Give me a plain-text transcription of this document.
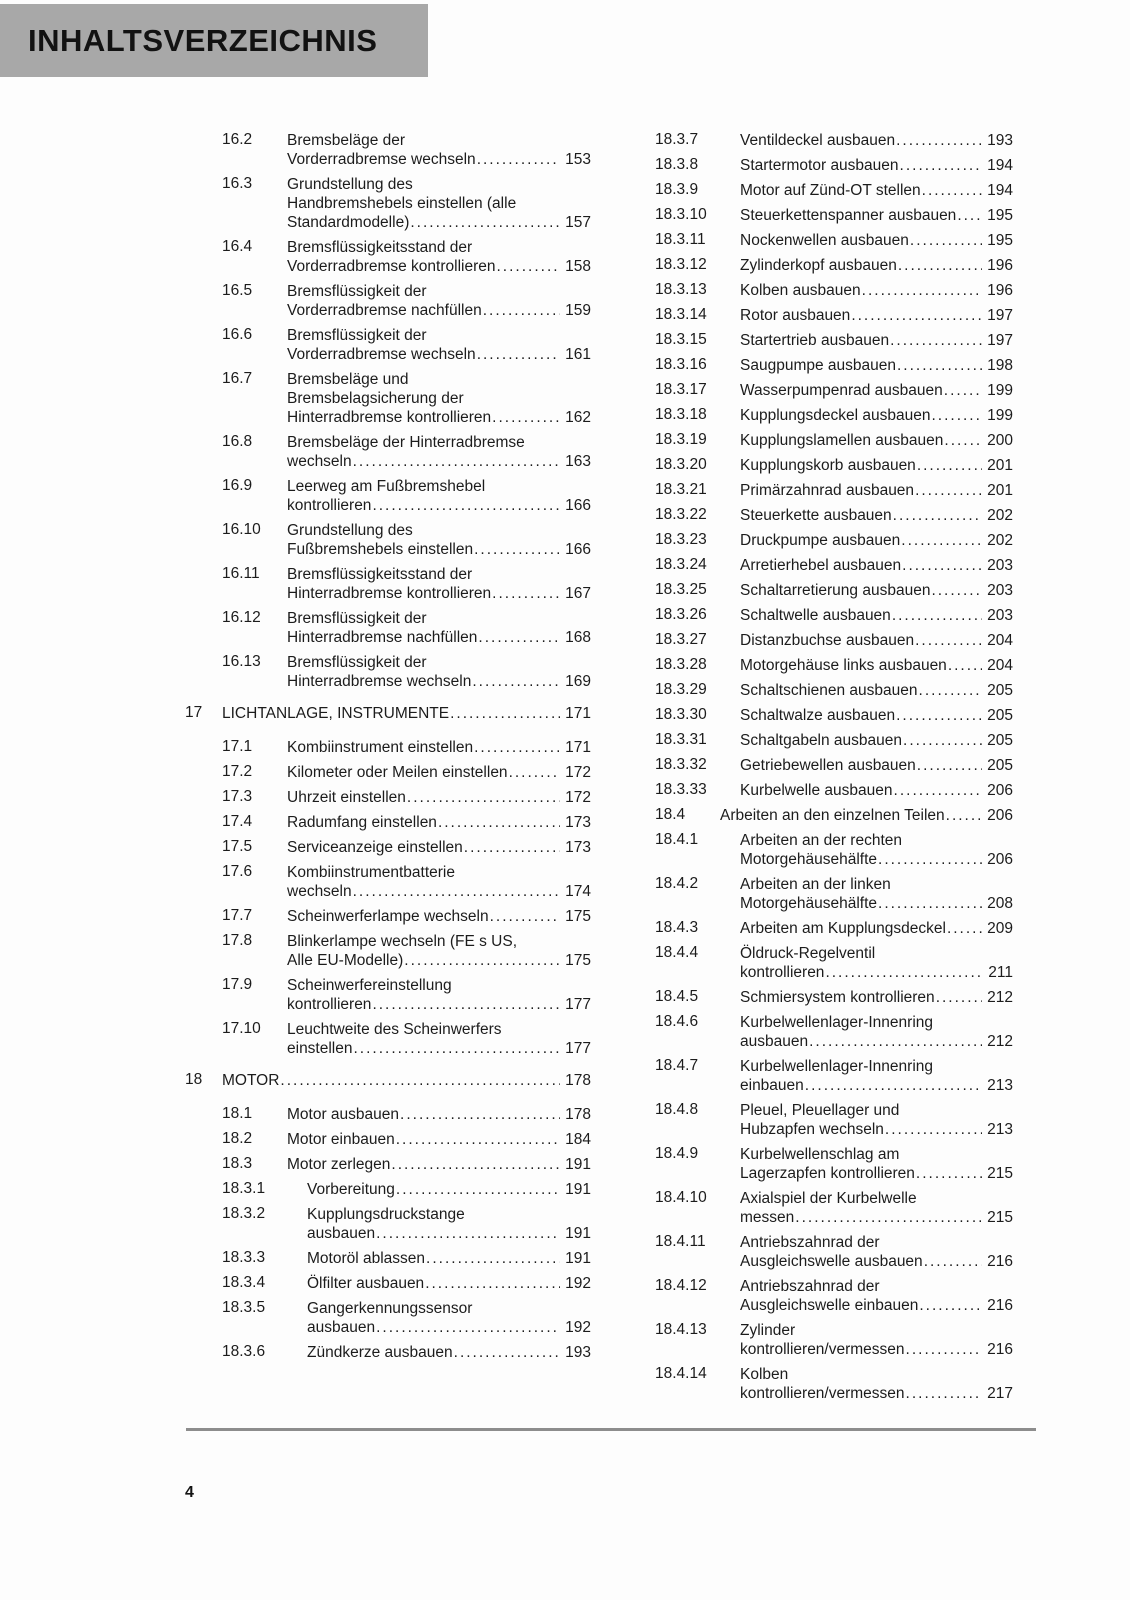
INHALTSVERZEICHNIS
16.2	Bremsbeläge der
Vorderradbremse wechseln .....	153
16.3	Grundstellung des
Handbremshebels einstellen (alle
Standardmodelle) .....	157
16.4	Bremsflüssigkeitsstand der
Vorderradbremse kontrollieren .....	158
16.5	Bremsflüssigkeit der
Vorderradbremse nachfüllen .....	159
16.6	Bremsflüssigkeit der
Vorderradbremse wechseln .....	161
16.7	Bremsbeläge und
Bremsbelagsicherung der
Hinterradbremse kontrollieren .....	162
16.8	Bremsbeläge der Hinterradbremse
wechseln .....	163
16.9	Leerweg am Fußbremshebel
kontrollieren .....	166
16.10	Grundstellung des
Fußbremshebels einstellen .....	166
16.11	Bremsflüssigkeitsstand der
Hinterradbremse kontrollieren .....	167
16.12	Bremsflüssigkeit der
Hinterradbremse nachfüllen .....	168
16.13	Bremsflüssigkeit der
Hinterradbremse wechseln .....	169
17	LICHTANLAGE, INSTRUMENTE .....	171
17.1	Kombiinstrument einstellen .....	171
17.2	Kilometer oder Meilen einstellen .....	172
17.3	Uhrzeit einstellen .....	172
17.4	Radumfang einstellen .....	173
17.5	Serviceanzeige einstellen .....	173
17.6	Kombiinstrumentbatterie
wechseln .....	174
17.7	Scheinwerferlampe wechseln .....	175
17.8	Blinkerlampe wechseln (FE s US,
Alle EU-Modelle) .....	175
17.9	Scheinwerfereinstellung
kontrollieren .....	177
17.10	Leuchtweite des Scheinwerfers
einstellen .....	177
18	MOTOR .....	178
18.1	Motor ausbauen .....	178
18.2	Motor einbauen .....	184
18.3	Motor zerlegen .....	191
18.3.1	Vorbereitung .....	191
18.3.2	Kupplungsdruckstange
ausbauen .....	191
18.3.3	Motoröl ablassen .....	191
18.3.4	Ölfilter ausbauen .....	192
18.3.5	Gangerkennungssensor
ausbauen .....	192
18.3.6	Zündkerze ausbauen .....	193
18.3.7	Ventildeckel ausbauen .....	193
18.3.8	Startermotor ausbauen .....	194
18.3.9	Motor auf Zünd-OT stellen .....	194
18.3.10	Steuerkettenspanner ausbauen .....	195
18.3.11	Nockenwellen ausbauen .....	195
18.3.12	Zylinderkopf ausbauen .....	196
18.3.13	Kolben ausbauen .....	196
18.3.14	Rotor ausbauen .....	197
18.3.15	Startertrieb ausbauen .....	197
18.3.16	Saugpumpe ausbauen .....	198
18.3.17	Wasserpumpenrad ausbauen .....	199
18.3.18	Kupplungsdeckel ausbauen .....	199
18.3.19	Kupplungslamellen ausbauen .....	200
18.3.20	Kupplungskorb ausbauen .....	201
18.3.21	Primärzahnrad ausbauen .....	201
18.3.22	Steuerkette ausbauen .....	202
18.3.23	Druckpumpe ausbauen .....	202
18.3.24	Arretierhebel ausbauen .....	203
18.3.25	Schaltarretierung ausbauen .....	203
18.3.26	Schaltwelle ausbauen .....	203
18.3.27	Distanzbuchse ausbauen .....	204
18.3.28	Motorgehäuse links ausbauen .....	204
18.3.29	Schaltschienen ausbauen .....	205
18.3.30	Schaltwalze ausbauen .....	205
18.3.31	Schaltgabeln ausbauen .....	205
18.3.32	Getriebewellen ausbauen .....	205
18.3.33	Kurbelwelle ausbauen .....	206
18.4	Arbeiten an den einzelnen Teilen .....	206
18.4.1	Arbeiten an der rechten
Motorgehäusehälfte .....	206
18.4.2	Arbeiten an der linken
Motorgehäusehälfte .....	208
18.4.3	Arbeiten am Kupplungsdeckel .....	209
18.4.4	Öldruck-Regelventil
kontrollieren .....	211
18.4.5	Schmiersystem kontrollieren .....	212
18.4.6	Kurbelwellenlager-Innenring
ausbauen .....	212
18.4.7	Kurbelwellenlager-Innenring
einbauen .....	213
18.4.8	Pleuel, Pleuellager und
Hubzapfen wechseln .....	213
18.4.9	Kurbelwellenschlag am
Lagerzapfen kontrollieren .....	215
18.4.10	Axialspiel der Kurbelwelle
messen .....	215
18.4.11	Antriebszahnrad der
Ausgleichswelle ausbauen .....	216
18.4.12	Antriebszahnrad der
Ausgleichswelle einbauen .....	216
18.4.13	Zylinder
kontrollieren/vermessen .....	216
18.4.14	Kolben
kontrollieren/vermessen .....	217
4
